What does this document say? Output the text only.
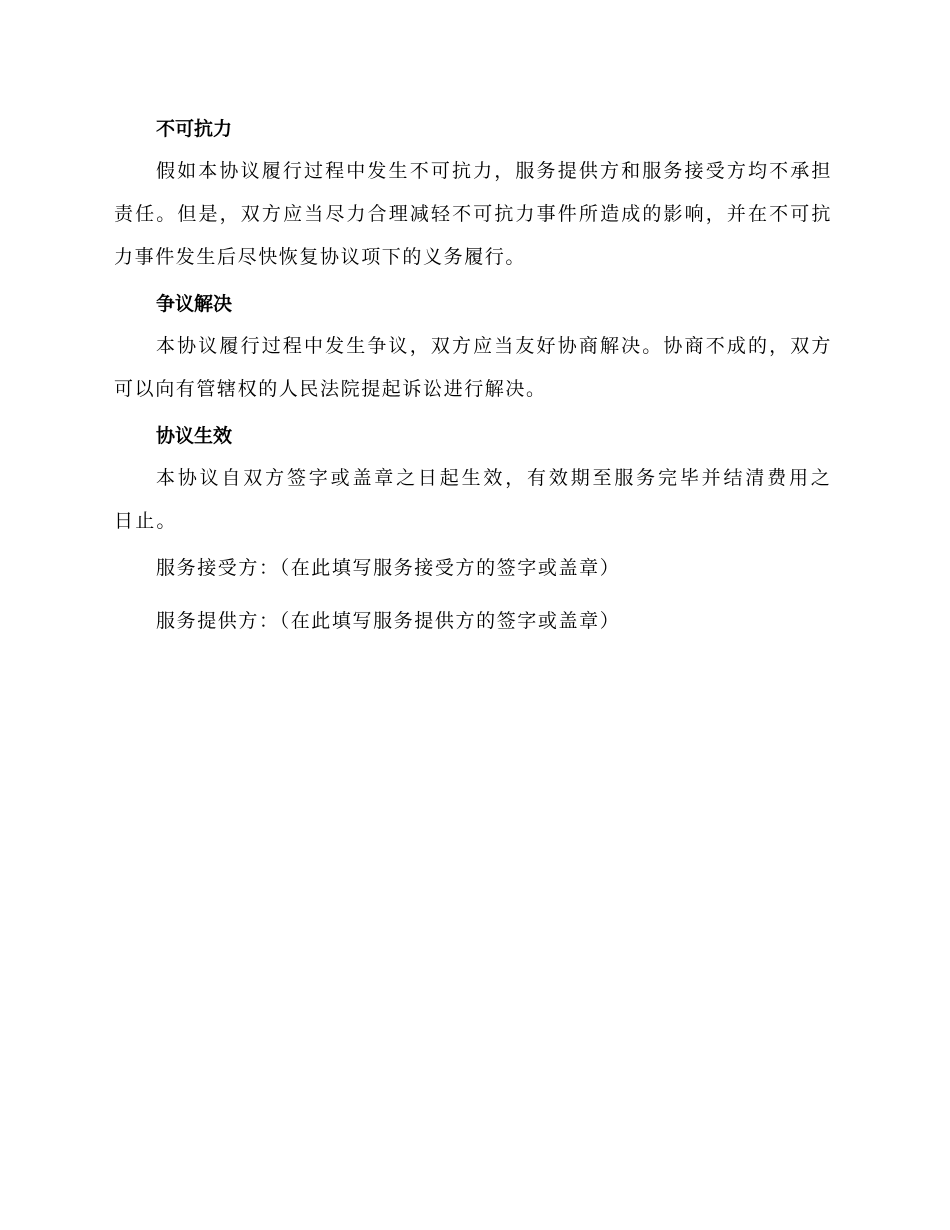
不可抗力

假如本协议履行过程中发生不可抗力，服务提供方和服务接受方均不承担责任。但是，双方应当尽力合理减轻不可抗力事件所造成的影响，并在不可抗力事件发生后尽快恢复协议项下的义务履行。

争议解决

本协议履行过程中发生争议，双方应当友好协商解决。协商不成的，双方可以向有管辖权的人民法院提起诉讼进行解决。

协议生效

本协议自双方签字或盖章之日起生效，有效期至服务完毕并结清费用之日止。

服务接受方：（在此填写服务接受方的签字或盖章）
服务提供方：（在此填写服务提供方的签字或盖章）
